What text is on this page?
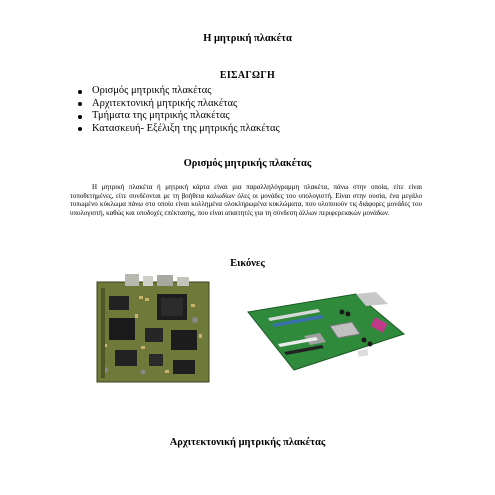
Η μητρική πλακέτα
ΕΙΣΑΓΩΓΗ
Ορισμός μητρικής πλακέτας
Αρχιτεκτονική μητρικής πλακέτας
Τμήματα της μητρικής πλακέτας
Κατασκευή- Εξέλιξη της μητρικής πλακέτας
Ορισμός μητρικής πλακέτας
Η μητρική πλακέτα ή μητρική κάρτα είναι μια παραλληλόγραμμη πλακέτα, πάνω στην οποία, είτε είναι τοποθετημένες, είτε συνδέονται με τη βοήθεια καλωδίων όλες οι μονάδες του υπολογιστή. Είναι στην ουσία, ένα μεγάλο τυπωμένο κύκλωμα πάνω στο οποίο είναι κολλημένα ολοκληρωμένα κυκλώματα, που υλοποιούν τις διάφορες μονάδες του υπολογιστή, καθώς και υποδοχές επέκτασης, που είναι απαιτητές για τη σύνδεση άλλων περιφερειακών μονάδων.
Εικόνες
Αρχιτεκτονική μητρικής πλακέτας
